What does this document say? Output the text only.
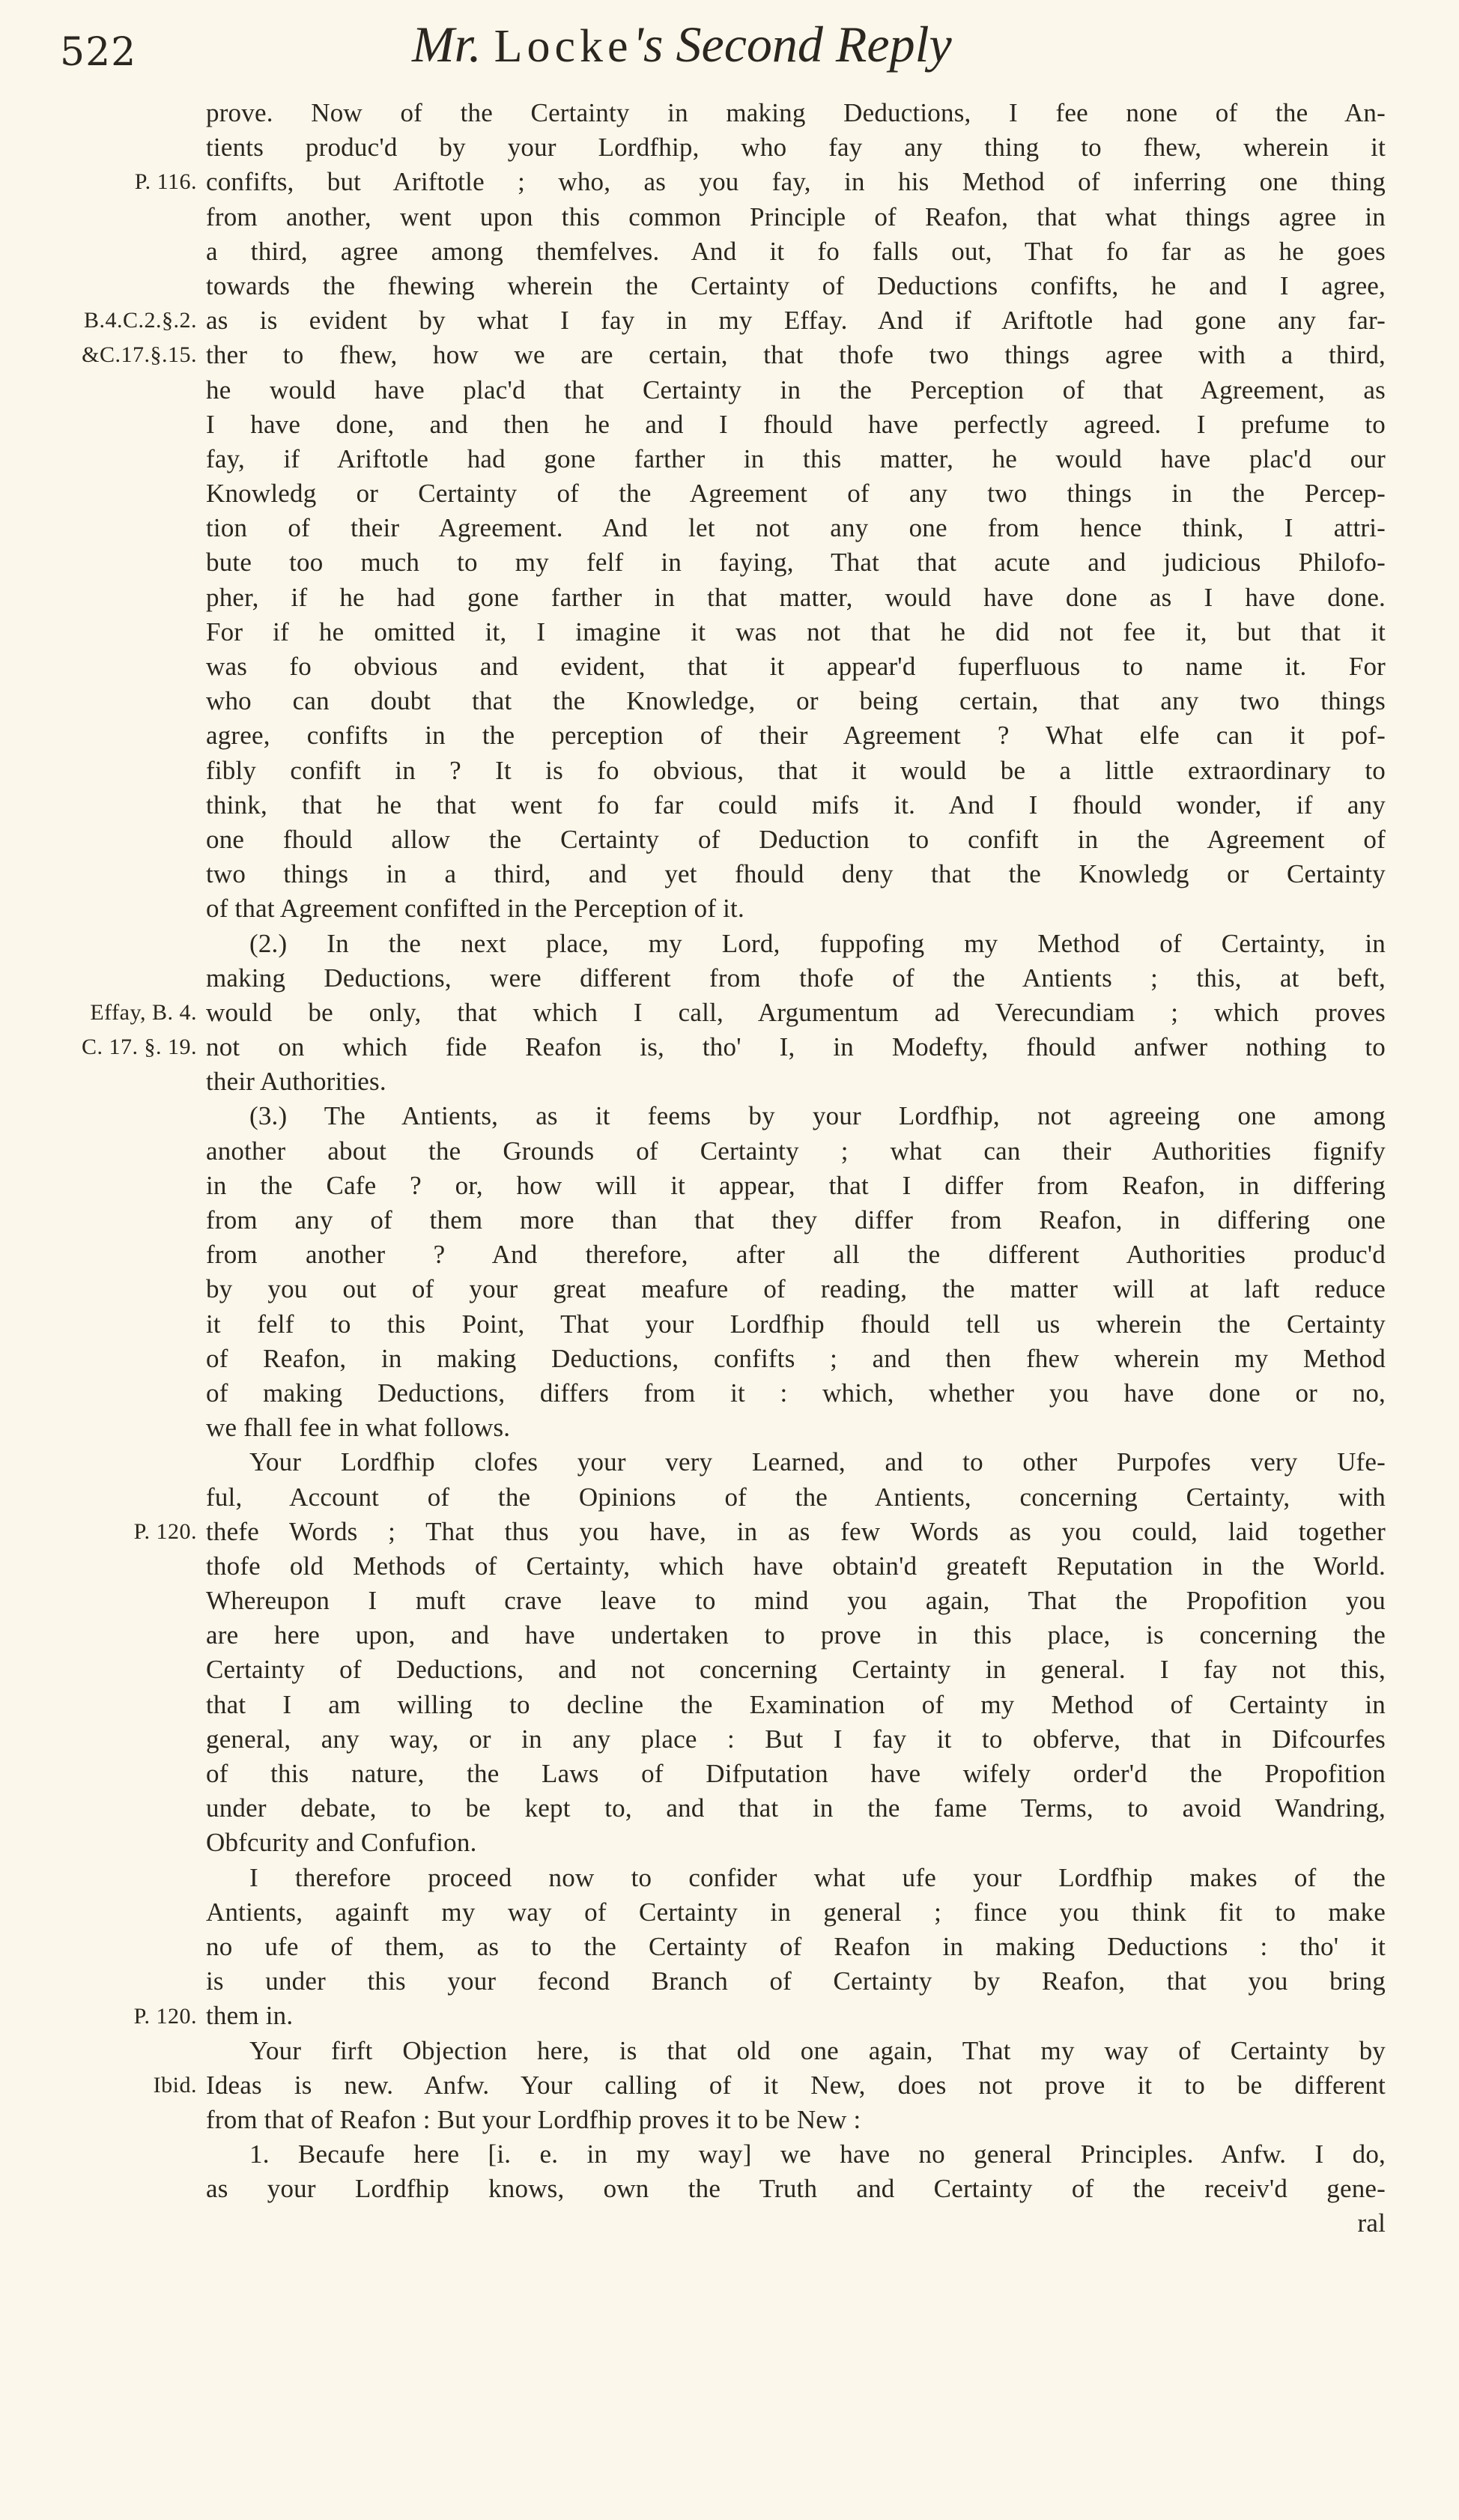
522	Mr. Locke's Second Reply
prove. Now of the Certainty in making Deductions, I fee none of the An-
tients produc'd by your Lordfhip, who fay any thing to fhew, wherein it
confifts, but Ariftotle ; who, as you fay, in his Method of inferring one thing
from another, went upon this common Principle of Reafon, that what things agree in
a third, agree among themfelves. And it fo falls out, That fo far as he goes
towards the fhewing wherein the Certainty of Deductions confifts, he and I agree,
as is evident by what I fay in my Effay. And if Ariftotle had gone any far-
ther to fhew, how we are certain, that thofe two things agree with a third,
he would have plac'd that Certainty in the Perception of that Agreement, as
I have done, and then he and I fhould have perfectly agreed. I prefume to
fay, if Ariftotle had gone farther in this matter, he would have plac'd our
Knowledg or Certainty of the Agreement of any two things in the Percep-
tion of their Agreement. And let not any one from hence think, I attri-
bute too much to my felf in faying, That that acute and judicious Philofo-
pher, if he had gone farther in that matter, would have done as I have done.
For if he omitted it, I imagine it was not that he did not fee it, but that it
was fo obvious and evident, that it appear'd fuperfluous to name it. For
who can doubt that the Knowledge, or being certain, that any two things
agree, confifts in the perception of their Agreement ? What elfe can it pof-
fibly confift in ? It is fo obvious, that it would be a little extraordinary to
think, that he that went fo far could mifs it. And I fhould wonder, if any
one fhould allow the Certainty of Deduction to confift in the Agreement of
two things in a third, and yet fhould deny that the Knowledg or Certainty
of that Agreement confifted in the Perception of it.
(2.) In the next place, my Lord, fuppofing my Method of Certainty, in
making Deductions, were different from thofe of the Antients ; this, at beft,
would be only, that which I call, Argumentum ad Verecundiam ; which proves
not on which fide Reafon is, tho' I, in Modefty, fhould anfwer nothing to
their Authorities.
(3.) The Antients, as it feems by your Lordfhip, not agreeing one among
another about the Grounds of Certainty ; what can their Authorities fignify
in the Cafe ? or, how will it appear, that I differ from Reafon, in differing
from any of them more than that they differ from Reafon, in differing one
from another ? And therefore, after all the different Authorities produc'd
by you out of your great meafure of reading, the matter will at laft reduce
it felf to this Point, That your Lordfhip fhould tell us wherein the Certainty
of Reafon, in making Deductions, confifts ; and then fhew wherein my Method
of making Deductions, differs from it : which, whether you have done or no,
we fhall fee in what follows.
Your Lordfhip clofes your very Learned, and to other Purpofes very Ufe-
ful, Account of the Opinions of the Antients, concerning Certainty, with
thefe Words ; That thus you have, in as few Words as you could, laid together
thofe old Methods of Certainty, which have obtain'd greateft Reputation in the World.
Whereupon I muft crave leave to mind you again, That the Propofition you
are here upon, and have undertaken to prove in this place, is concerning the
Certainty of Deductions, and not concerning Certainty in general. I fay not this,
that I am willing to decline the Examination of my Method of Certainty in
general, any way, or in any place : But I fay it to obferve, that in Difcourfes
of this nature, the Laws of Difputation have wifely order'd the Propofition
under debate, to be kept to, and that in the fame Terms, to avoid Wandring,
Obfcurity and Confufion.
I therefore proceed now to confider what ufe your Lordfhip makes of the
Antients, againft my way of Certainty in general ; fince you think fit to make
no ufe of them, as to the Certainty of Reafon in making Deductions : tho' it
is under this your fecond Branch of Certainty by Reafon, that you bring
them in.
Your firft Objection here, is that old one again, That my way of Certainty by
Ideas is new. Anfw. Your calling of it New, does not prove it to be different
from that of Reafon : But your Lordfhip proves it to be New :
1. Becaufe here [i. e. in my way] we have no general Principles. Anfw. I do,
as your Lordfhip knows, own the Truth and Certainty of the receiv'd gene-
ral
P. 116.
B.4.C.2.§.2.
&C.17.§.15.
Effay, B. 4.
C. 17. §. 19.
P. 120.
P. 120.
Ibid.
